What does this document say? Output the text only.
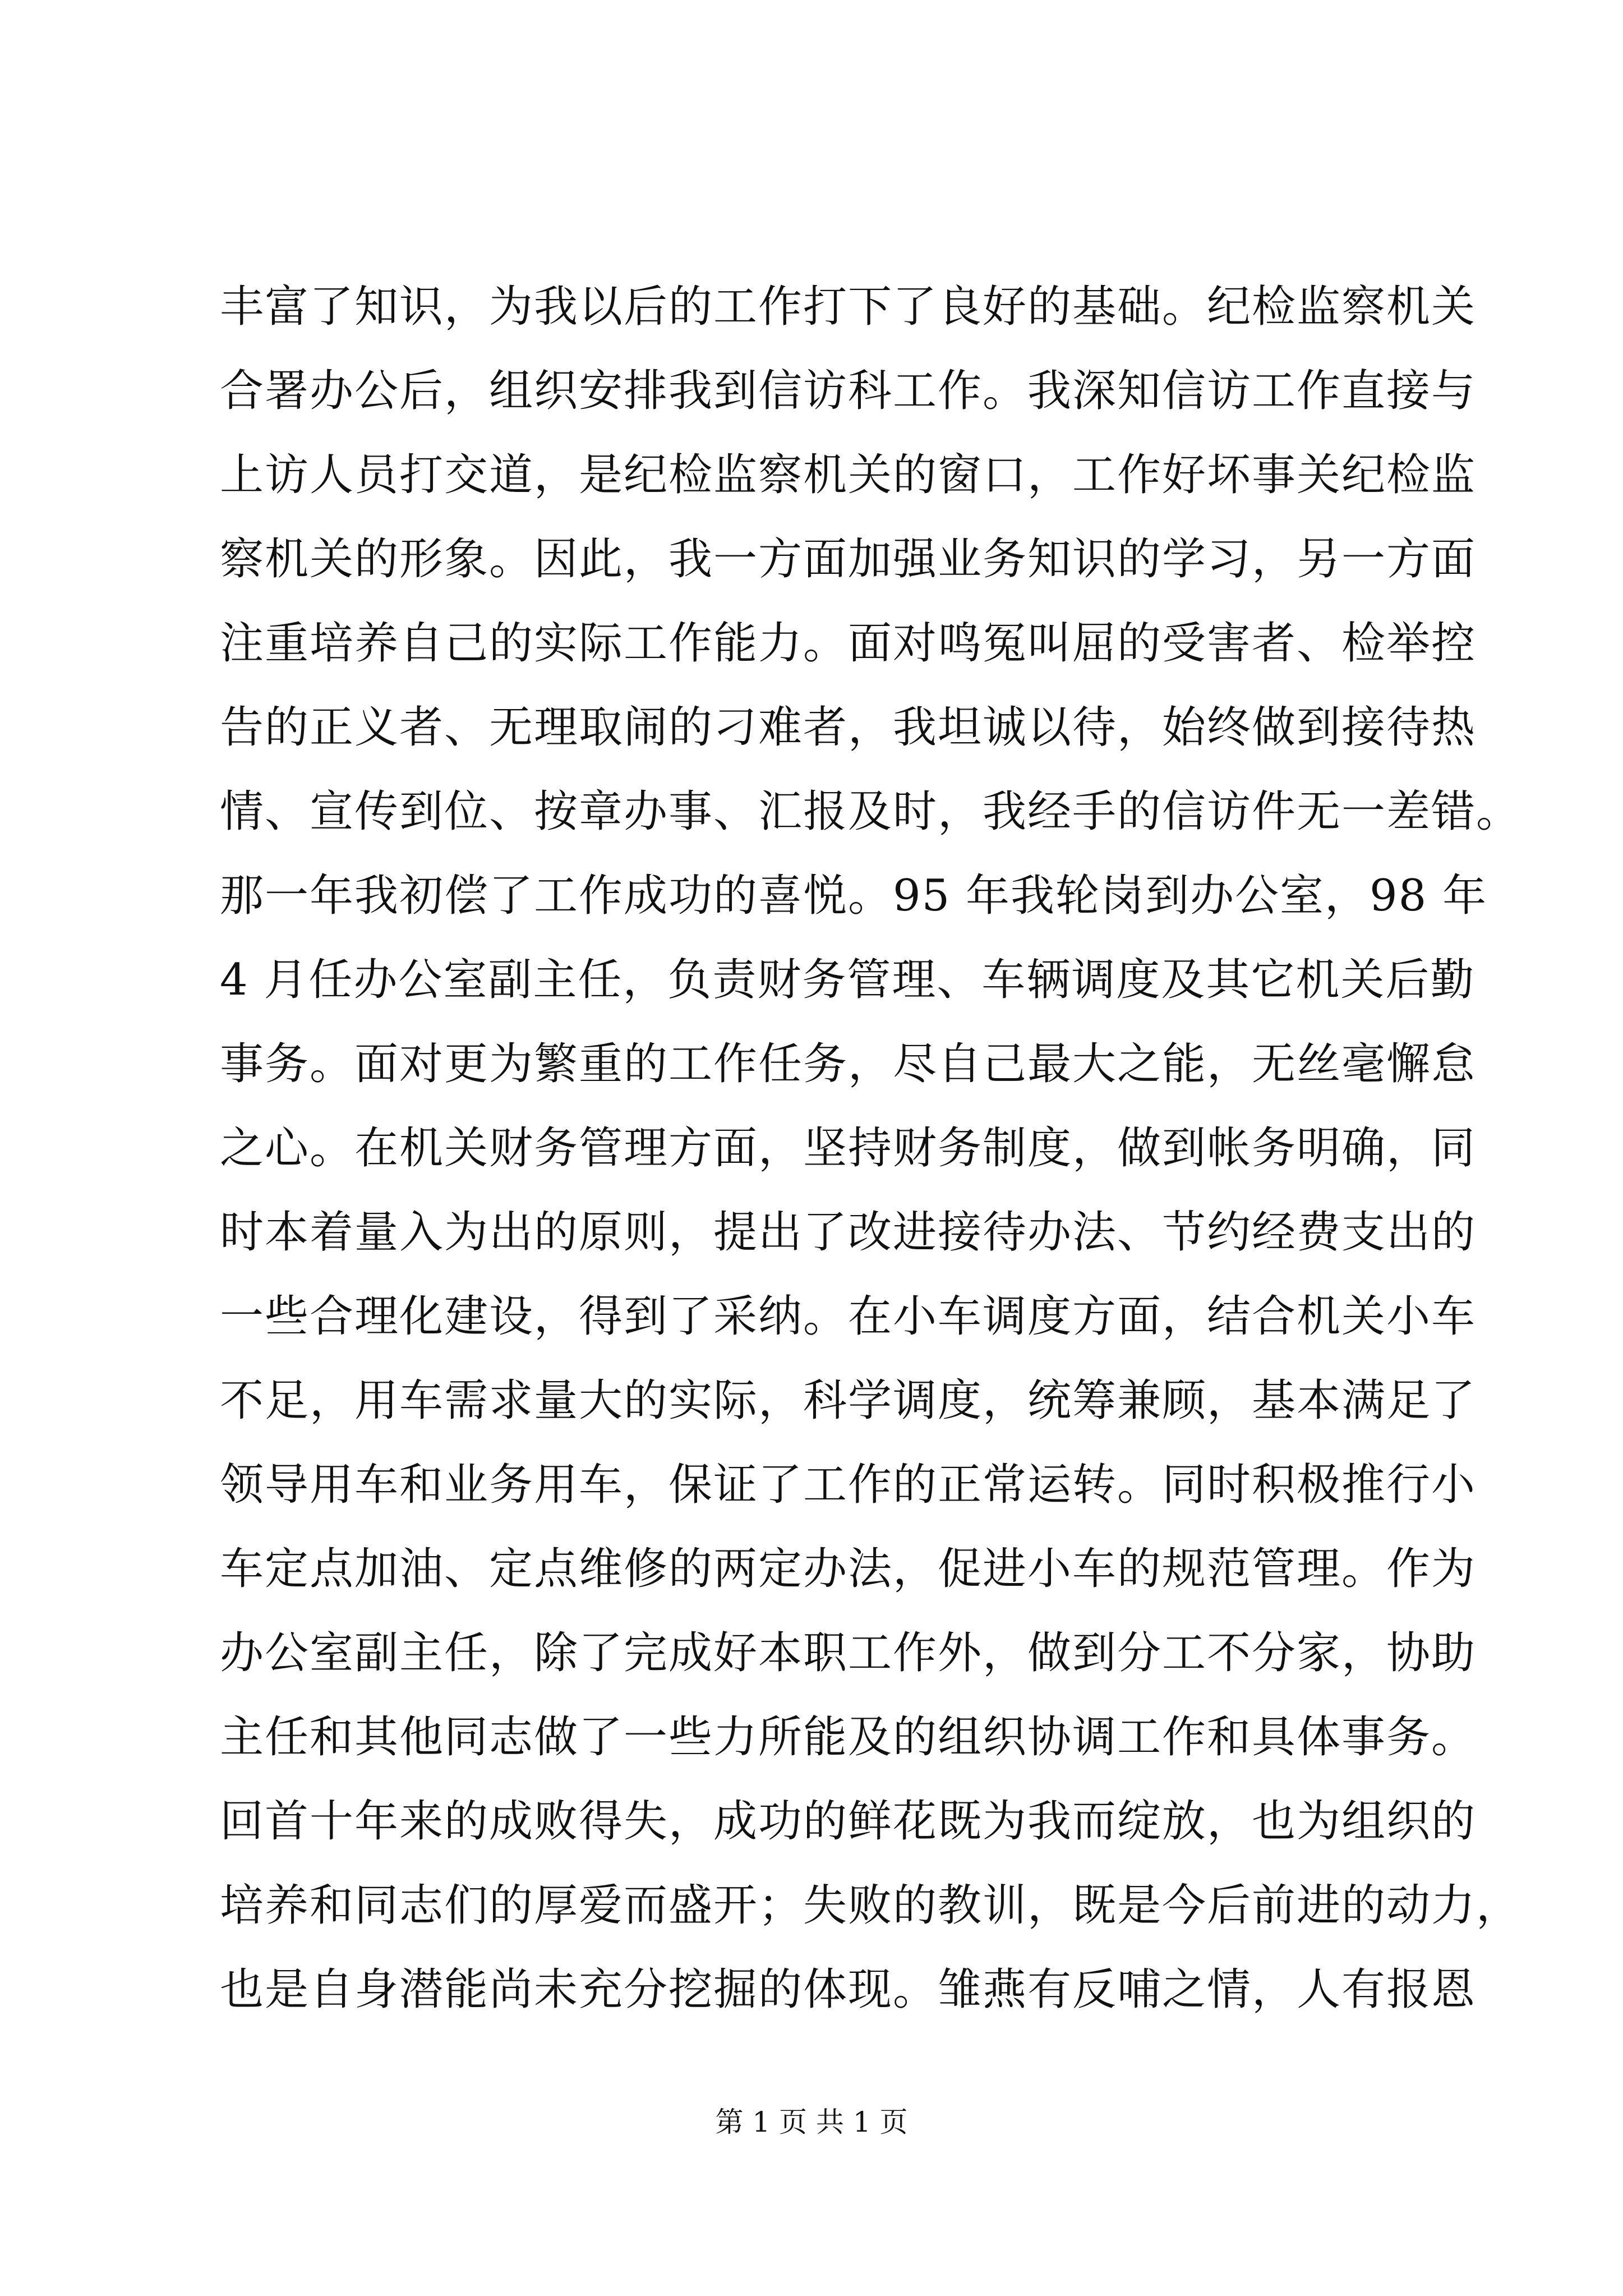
丰富了知识，为我以后的工作打下了良好的基础。纪检监察机关
合署办公后，组织安排我到信访科工作。我深知信访工作直接与
上访人员打交道，是纪检监察机关的窗口，工作好坏事关纪检监
察机关的形象。因此，我一方面加强业务知识的学习，另一方面
注重培养自己的实际工作能力。面对鸣冤叫屈的受害者、检举控
告的正义者、无理取闹的刁难者，我坦诚以待，始终做到接待热
情、宣传到位、按章办事、汇报及时，我经手的信访件无一差错。
那一年我初偿了工作成功的喜悦。95 年我轮岗到办公室，98 年
4 月任办公室副主任，负责财务管理、车辆调度及其它机关后勤
事务。面对更为繁重的工作任务，尽自己最大之能，无丝毫懈怠
之心。在机关财务管理方面，坚持财务制度，做到帐务明确，同
时本着量入为出的原则，提出了改进接待办法、节约经费支出的
一些合理化建设，得到了采纳。在小车调度方面，结合机关小车
不足，用车需求量大的实际，科学调度，统筹兼顾，基本满足了
领导用车和业务用车，保证了工作的正常运转。同时积极推行小
车定点加油、定点维修的两定办法，促进小车的规范管理。作为
办公室副主任，除了完成好本职工作外，做到分工不分家，协助
主任和其他同志做了一些力所能及的组织协调工作和具体事务。
回首十年来的成败得失，成功的鲜花既为我而绽放，也为组织的
培养和同志们的厚爱而盛开；失败的教训，既是今后前进的动力，
也是自身潜能尚未充分挖掘的体现。雏燕有反哺之情，人有报恩
第 1 页 共 1 页
